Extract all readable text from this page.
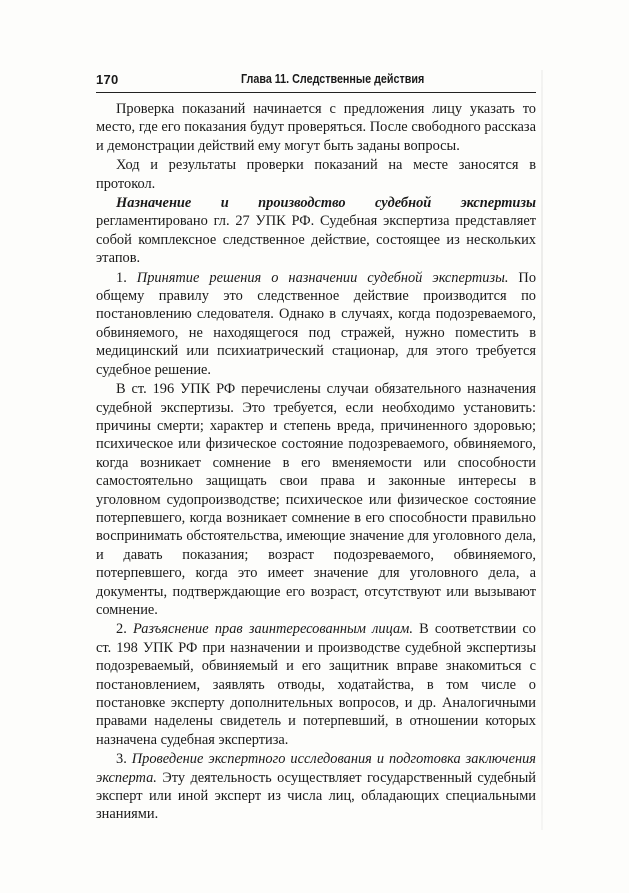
170	Глава 11. Следственные действия

Проверка показаний начинается с предложения лицу указать то место, где его показания будут проверяться. После свободного рассказа и демонстрации действий ему могут быть заданы вопросы.

Ход и результаты проверки показаний на месте заносятся в протокол.

Назначение и производство судебной экспертизы регламентировано гл. 27 УПК РФ. Судебная экспертиза представляет собой комплексное следственное действие, состоящее из нескольких этапов.

1. Принятие решения о назначении судебной экспертизы. По общему правилу это следственное действие производится по постановлению следователя. Однако в случаях, когда подозреваемого, обвиняемого, не находящегося под стражей, нужно поместить в медицинский или психиатрический стационар, для этого требуется судебное решение.

В ст. 196 УПК РФ перечислены случаи обязательного назначения судебной экспертизы. Это требуется, если необходимо установить: причины смерти; характер и степень вреда, причиненного здоровью; психическое или физическое состояние подозреваемого, обвиняемого, когда возникает сомнение в его вменяемости или способности самостоятельно защищать свои права и законные интересы в уголовном судопроизводстве; психическое или физическое состояние потерпевшего, когда возникает сомнение в его способности правильно воспринимать обстоятельства, имеющие значение для уголовного дела, и давать показания; возраст подозреваемого, обвиняемого, потерпевшего, когда это имеет значение для уголовного дела, а документы, подтверждающие его возраст, отсутствуют или вызывают сомнение.

2. Разъяснение прав заинтересованным лицам. В соответствии со ст. 198 УПК РФ при назначении и производстве судебной экспертизы подозреваемый, обвиняемый и его защитник вправе знакомиться с постановлением, заявлять отводы, ходатайства, в том числе о постановке эксперту дополнительных вопросов, и др. Аналогичными правами наделены свидетель и потерпевший, в отношении которых назначена судебная экспертиза.

3. Проведение экспертного исследования и подготовка заключения эксперта. Эту деятельность осуществляет государственный судебный эксперт или иной эксперт из числа лиц, обладающих специальными знаниями.
